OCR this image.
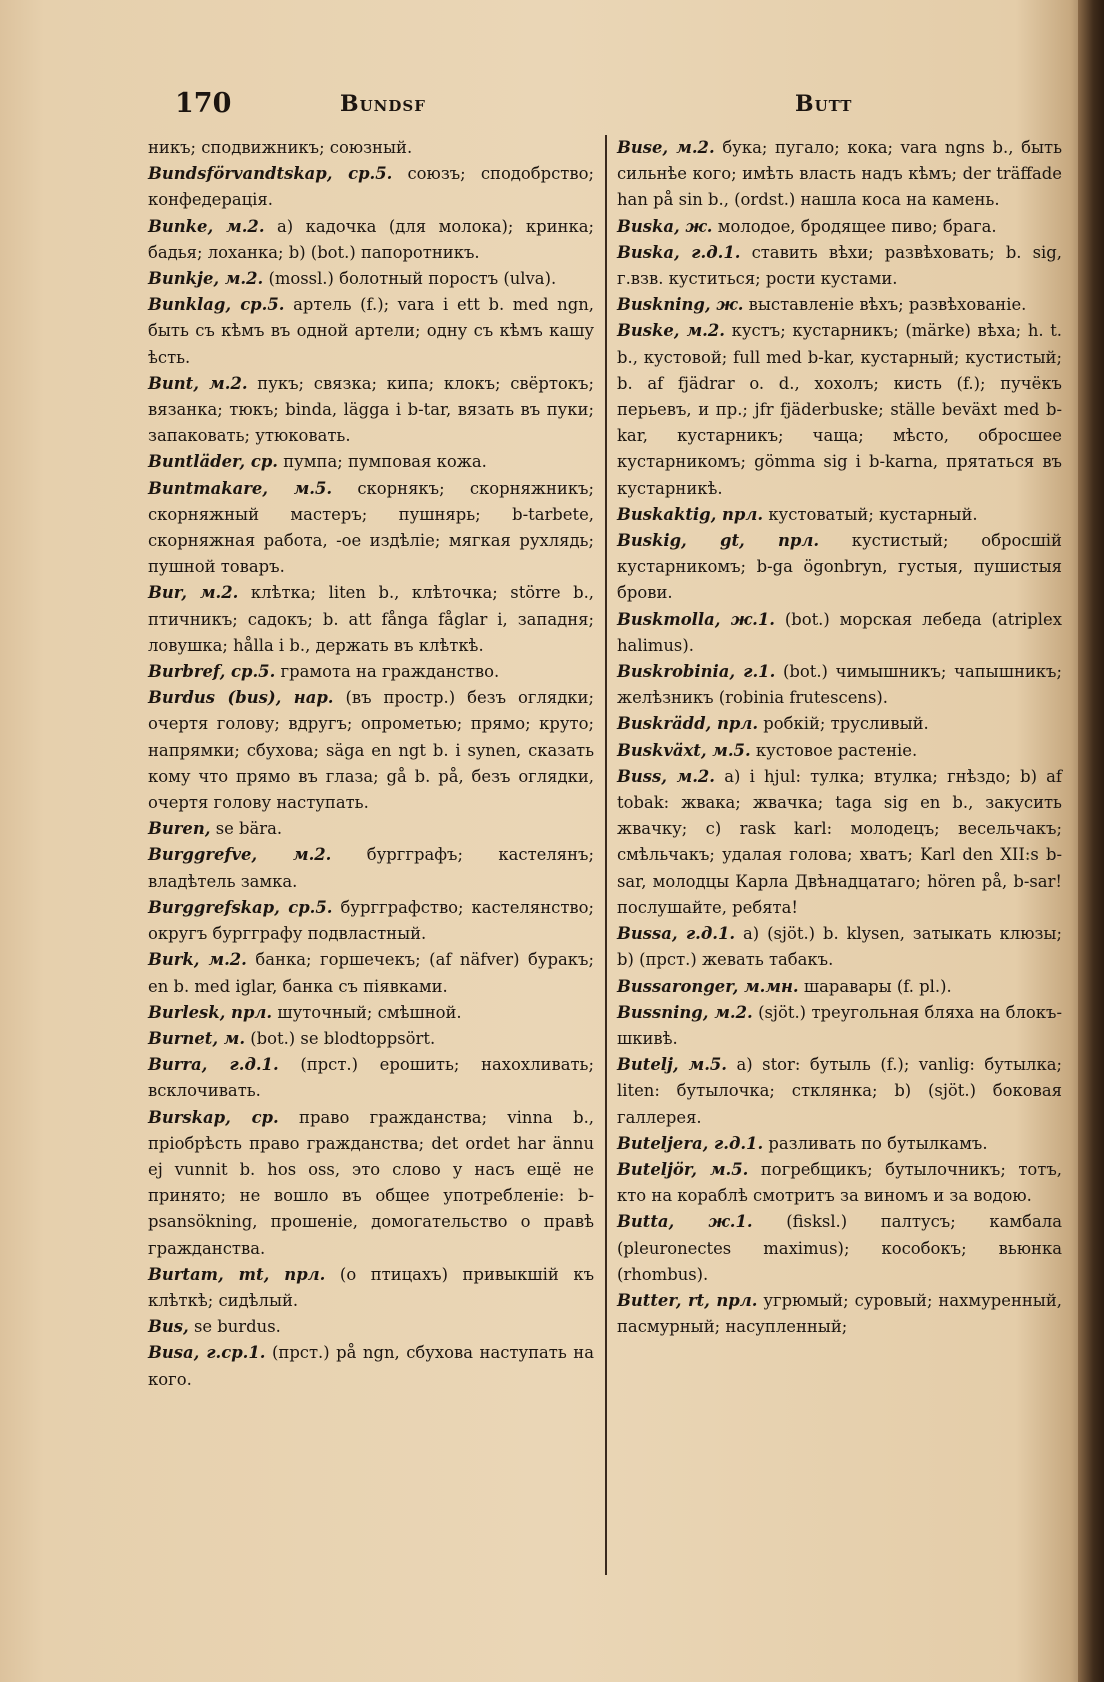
170	Bundsf	Butt

никъ; сподвижникъ; союзный.

Bundsförvandtskap, ср.5. союзъ; сподобрство; конфедерація.

Bunke, м.2. a) кадочка (для молока); кринка; бадья; лоханка; b) (bot.) папоротникъ.

Bunkje, м.2. (mossl.) болотный поростъ (ulva).

Bunklag, ср.5. артель (f.); vara i ett b. med ngn, быть съ кѣмъ въ одной артели; одну съ кѣмъ кашу ѣсть.

Bunt, м.2. пукъ; связка; кипа; клокъ; свёртокъ; вязанка; тюкъ; binda, lägga i b-tar, вязать въ пуки; запаковать; утюковать.

Buntläder, ср. пумпа; пумповая кожа.

Buntmakare, м.5. скорнякъ; скорняжникъ; скорняжный мастеръ; пушнярь; b-tarbete, скорняжная работа, -ое издѣліе; мягкая рухлядь; пушной товаръ.

Bur, м.2. клѣтка; liten b., клѣточка; större b., птичникъ; садокъ; b. att fånga fåglar i, западня; ловушка; hålla i b., держать въ клѣткѣ.

Burbref, ср.5. грамота на гражданство.

Burdus (bus), нар. (въ простр.) безъ оглядки; очертя голову; вдругъ; опрометью; прямо; круто; напрямки; сбухова; säga en ngt b. i synen, сказать кому что прямо въ глаза; gå b. på, безъ оглядки, очертя голову наступать.

Buren, se bära.

Burggrefve, м.2. бургграфъ; кастелянъ; владѣтель замка.

Burggrefskap, ср.5. бургграфство; кастелянство; округъ бургграфу подвластный.

Burk, м.2. банка; горшечекъ; (af näfver) буракъ; en b. med iglar, банка съ піявками.

Burlesk, прл. шуточный; смѣшной.

Burnet, м. (bot.) se blodtoppsört.

Burra, г.д.1. (прст.) ерошить; нахохливать; всклочивать.

Burskap, ср. право гражданства; vinna b., пріобрѣсть право гражданства; det ordet har ännu ej vunnit b. hos oss, это слово у насъ ещё не принято; не вошло въ общее употребленіе: b-psansökning, прошеніе, домогательство о правѣ гражданства.

Burtam, mt, прл. (о птицахъ) привыкшій къ клѣткѣ; сидѣлый.

Bus, se burdus.

Busa, г.ср.1. (прст.) på ngn, сбухова наступать на кого.

Buse, м.2. бука; пугало; кока; vara ngns b., быть сильнѣе кого; имѣть власть надъ кѣмъ; der träffade han på sin b., (ordst.) нашла коса на камень.

Buska, ж. молодое, бродящее пиво; брага.

Buska, г.д.1. ставить вѣхи; развѣховать; b. sig, г.взв. куститься; рости кустами.

Buskning, ж. выставленіе вѣхъ; развѣхованіе.

Buske, м.2. кустъ; кустарникъ; (märke) вѣха; h. t. b., кустовой; full med b-kar, кустарный; кустистый; b. af fjädrar o. d., хохолъ; кисть (f.); пучёкъ перьевъ, и пр.; jfr fjäderbuske; ställe beväxt med b-kar, кустарникъ; чаща; мѣсто, обросшее кустарникомъ; gömma sig i b-karna, прятаться въ кустарникѣ.

Buskaktig, прл. кустоватый; кустарный.

Buskig, gt, прл. кустистый; обросшій кустарникомъ; b-ga ögonbryn, густыя, пушистыя брови.

Buskmolla, ж.1. (bot.) морская лебеда (atriplex halimus).

Buskrobinia, г.1. (bot.) чимышникъ; чапышникъ; желѣзникъ (robinia frutescens).

Buskrädd, прл. робкій; трусливый.

Buskväxt, м.5. кустовое растеніе.

Buss, м.2. a) i hjul: тулка; втулка; гнѣздо; b) af tobak: жвака; жвачка; taga sig en b., закусить жвачку; c) rask karl: молодецъ; весельчакъ; смѣльчакъ; удалая голова; хватъ; Karl den XII:s b-sar, молодцы Карла Двѣнадцатаго; hören på, b-sar! послушайте, ребята!

Bussa, г.д.1. a) (sjöt.) b. klysen, затыкать клюзы; b) (прст.) жевать табакъ.

Bussaronger, м.мн. шаравары (f. pl.).

Bussning, м.2. (sjöt.) треугольная бляха на блокъ-шкивѣ.

Butelj, м.5. a) stor: бутыль (f.); vanlig: бутылка; liten: бутылочка; стклянка; b) (sjöt.) боковая галлерея.

Buteljera, г.д.1. разливать по бутылкамъ.

Buteljör, м.5. погребщикъ; бутылочникъ; тотъ, кто на кораблѣ смотритъ за виномъ и за водою.

Butta, ж.1. (fisksl.) палтусъ; камбала (pleuronectes maximus); кособокъ; вьюнка (rhombus).

Butter, rt, прл. угрюмый; суровый; нахмуренный, пасмурный; насупленный;
